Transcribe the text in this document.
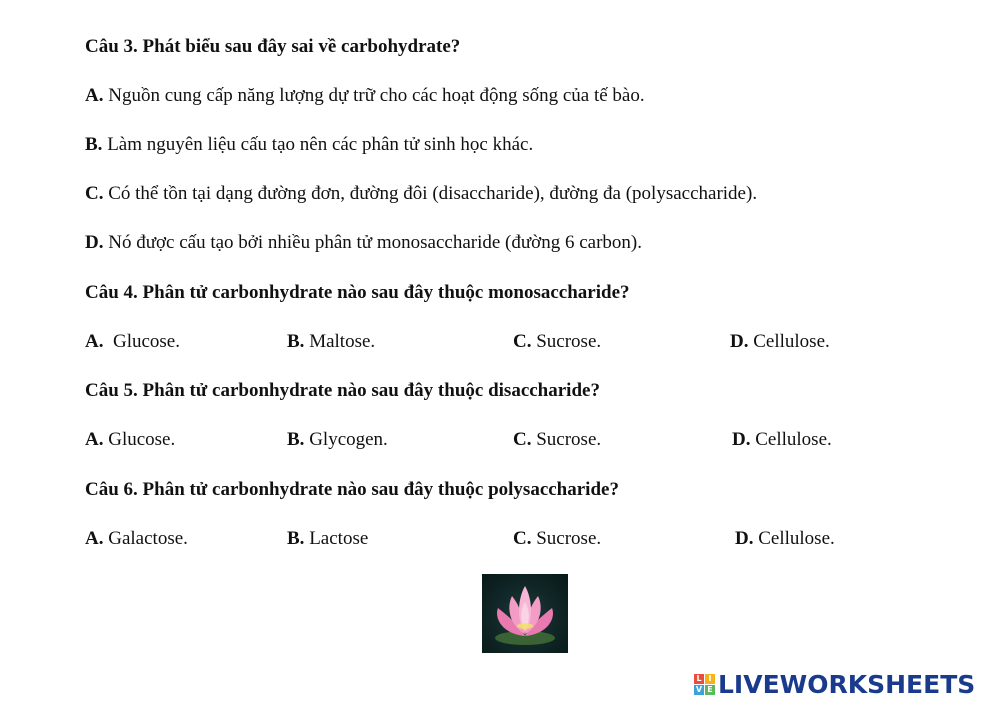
Câu 3. Phát biểu sau đây sai về carbohydrate?
A. Nguồn cung cấp năng lượng dự trữ cho các hoạt động sống của tế bào.
B. Làm nguyên liệu cấu tạo nên các phân tử sinh học khác.
C. Có thể tồn tại dạng đường đơn, đường đôi (disaccharide), đường đa (polysaccharide).
D. Nó được cấu tạo bởi nhiều phân tử monosaccharide (đường 6 carbon).
Câu 4. Phân tử carbonhydrate nào sau đây thuộc monosaccharide?
A.  Glucose.	B. Maltose.	C. Sucrose.	D. Cellulose.
Câu 5. Phân tử carbonhydrate nào sau đây thuộc disaccharide?
A. Glucose.	B. Glycogen.	C. Sucrose.	D. Cellulose.
Câu 6. Phân tử carbonhydrate nào sau đây thuộc polysaccharide?
A. Galactose.	B. Lactose	C. Sucrose.	D. Cellulose.
L I
V E LIVEWORKSHEETS
